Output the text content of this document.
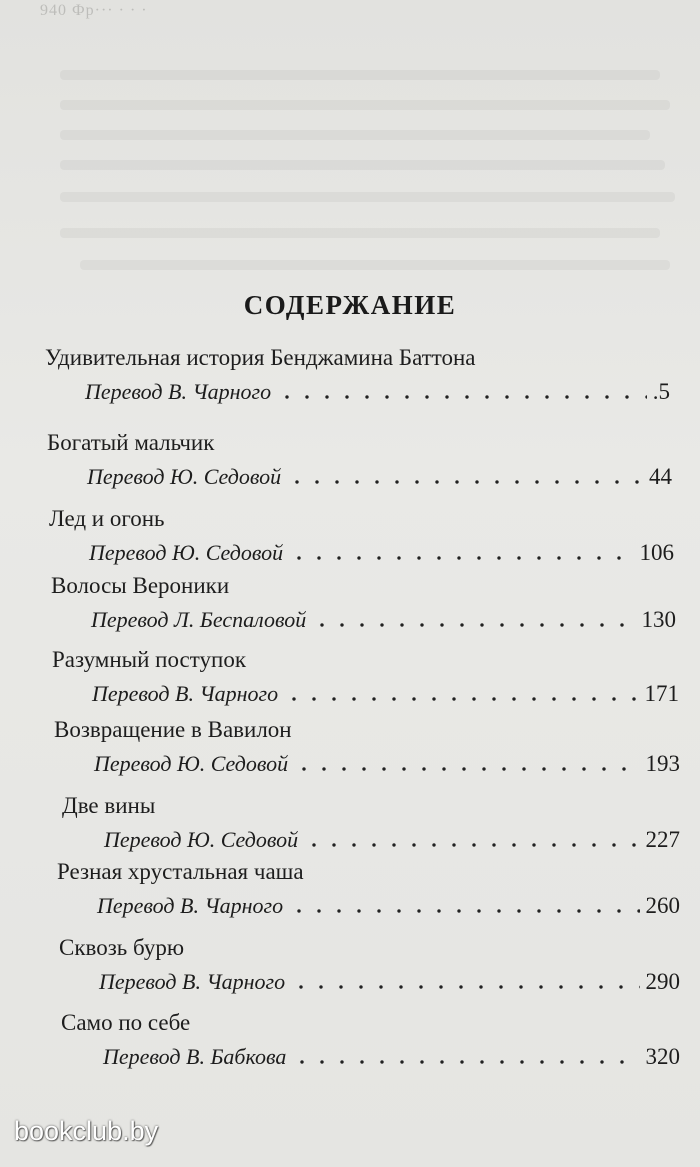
940 Фр··· · · ·
СОДЕРЖАНИЕ
Удивительная история Бенджамина Баттона
Перевод В. Чарного	.5
Богатый мальчик
Перевод Ю. Седовой	44
Лед и огонь
Перевод Ю. Седовой	106
Волосы Вероники
Перевод Л. Беспаловой	130
Разумный поступок
Перевод В. Чарного	171
Возвращение в Вавилон
Перевод Ю. Седовой	193
Две вины
Перевод Ю. Седовой	227
Резная хрустальная чаша
Перевод В. Чарного	260
Сквозь бурю
Перевод В. Чарного	290
Само по себе
Перевод В. Бабкова	320
bookclub.by
